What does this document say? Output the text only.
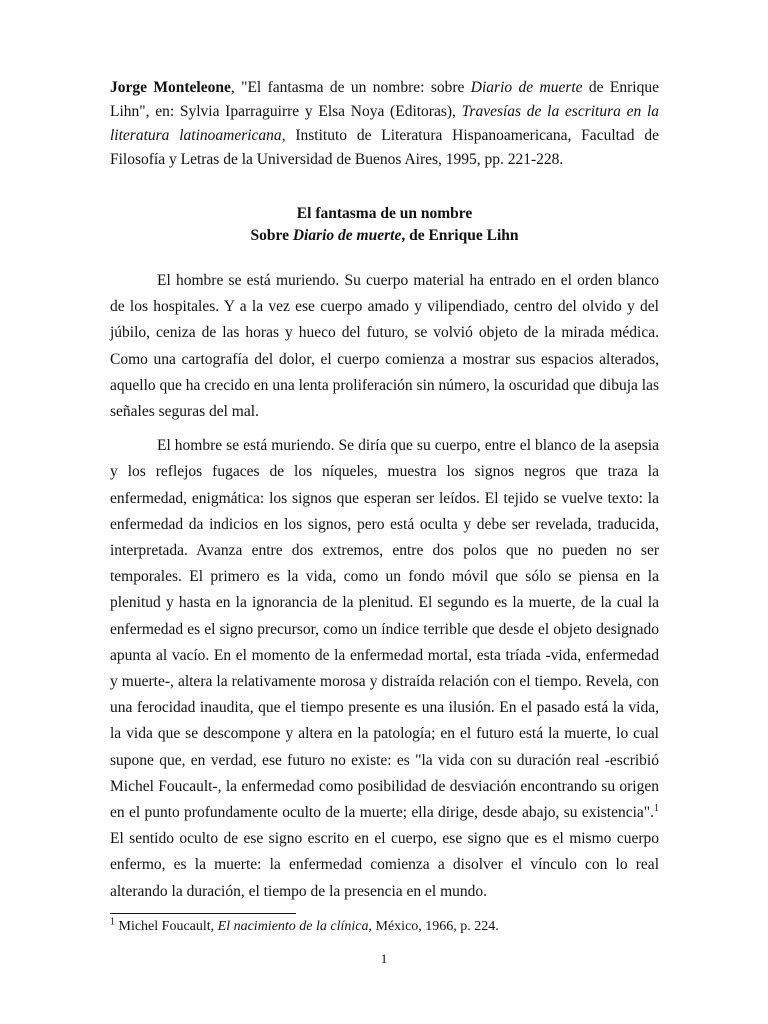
Jorge Monteleone, "El fantasma de un nombre: sobre Diario de muerte de Enrique Lihn", en: Sylvia Iparraguirre y Elsa Noya (Editoras), Travesías de la escritura en la literatura latinoamericana, Instituto de Literatura Hispanoamericana, Facultad de Filosofía y Letras de la Universidad de Buenos Aires, 1995, pp. 221-228.
El fantasma de un nombre
Sobre Diario de muerte, de Enrique Lihn

El hombre se está muriendo. Su cuerpo material ha entrado en el orden blanco de los hospitales. Y a la vez ese cuerpo amado y vilipendiado, centro del olvido y del júbilo, ceniza de las horas y hueco del futuro, se volvió objeto de la mirada médica. Como una cartografía del dolor, el cuerpo comienza a mostrar sus espacios alterados, aquello que ha crecido en una lenta proliferación sin número, la oscuridad que dibuja las señales seguras del mal.

El hombre se está muriendo. Se diría que su cuerpo, entre el blanco de la asepsia y los reflejos fugaces de los níqueles, muestra los signos negros que traza la enfermedad, enigmática: los signos que esperan ser leídos. El tejido se vuelve texto: la enfermedad da indicios en los signos, pero está oculta y debe ser revelada, traducida, interpretada. Avanza entre dos extremos, entre dos polos que no pueden no ser temporales. El primero es la vida, como un fondo móvil que sólo se piensa en la plenitud y hasta en la ignorancia de la plenitud. El segundo es la muerte, de la cual la enfermedad es el signo precursor, como un índice terrible que desde el objeto designado apunta al vacío. En el momento de la enfermedad mortal, esta tríada -vida, enfermedad y muerte-, altera la relativamente morosa y distraída relación con el tiempo. Revela, con una ferocidad inaudita, que el tiempo presente es una ilusión. En el pasado está la vida, la vida que se descompone y altera en la patología; en el futuro está la muerte, lo cual supone que, en verdad, ese futuro no existe: es "la vida con su duración real -escribió Michel Foucault-, la enfermedad como posibilidad de desviación encontrando su origen en el punto profundamente oculto de la muerte; ella dirige, desde abajo, su existencia".$^1$ El sentido oculto de ese signo escrito en el cuerpo, ese signo que es el mismo cuerpo enfermo, es la muerte: la enfermedad comienza a disolver el vínculo con lo real alterando la duración, el tiempo de la presencia en el mundo.

$^1$ Michel Foucault, El nacimiento de la clínica, México, 1966, p. 224.
1
